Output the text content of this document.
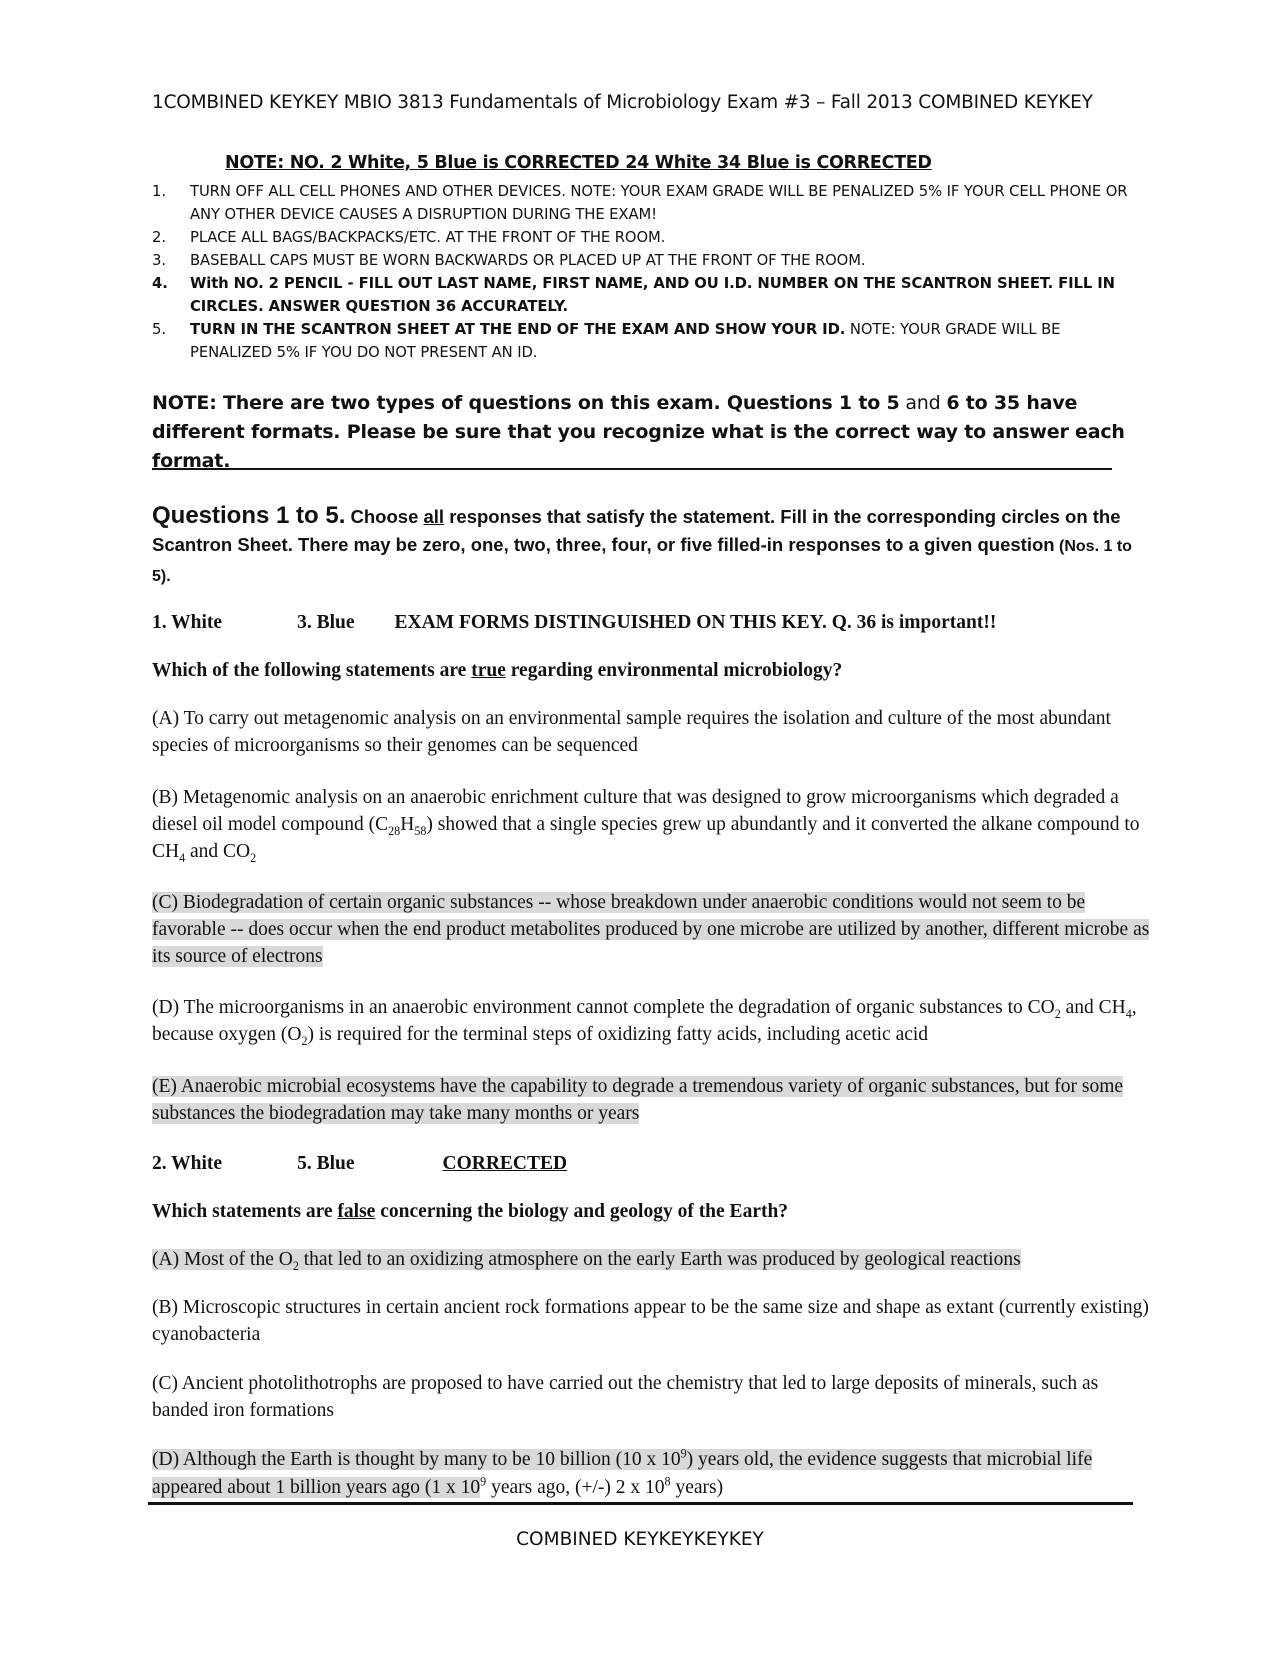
1COMBINED KEYKEY MBIO 3813 Fundamentals of Microbiology Exam #3 – Fall 2013 COMBINED KEYKEY
NOTE: NO. 2 White, 5 Blue is CORRECTED 24 White 34 Blue is CORRECTED
1.	TURN OFF ALL CELL PHONES AND OTHER DEVICES. NOTE: YOUR EXAM GRADE WILL BE PENALIZED 5% IF YOUR CELL PHONE OR ANY OTHER DEVICE CAUSES A DISRUPTION DURING THE EXAM!
2.	PLACE ALL BAGS/BACKPACKS/ETC. AT THE FRONT OF THE ROOM.
3.	BASEBALL CAPS MUST BE WORN BACKWARDS OR PLACED UP AT THE FRONT OF THE ROOM.
4.	With NO. 2 PENCIL - FILL OUT LAST NAME, FIRST NAME, AND OU I.D. NUMBER ON THE SCANTRON SHEET. FILL IN CIRCLES. ANSWER QUESTION 36 ACCURATELY.
5.	TURN IN THE SCANTRON SHEET AT THE END OF THE EXAM AND SHOW YOUR ID. NOTE: YOUR GRADE WILL BE PENALIZED 5% IF YOU DO NOT PRESENT AN ID.
NOTE: There are two types of questions on this exam. Questions 1 to 5 and 6 to 35 have different formats. Please be sure that you recognize what is the correct way to answer each format.
Questions 1 to 5. Choose all responses that satisfy the statement. Fill in the corresponding circles on the Scantron Sheet. There may be zero, one, two, three, four, or five filled-in responses to a given question (Nos. 1 to 5).
1. White	3. Blue EXAM FORMS DISTINGUISHED ON THIS KEY. Q. 36 is important!!
Which of the following statements are true regarding environmental microbiology?
(A) To carry out metagenomic analysis on an environmental sample requires the isolation and culture of the most abundant species of microorganisms so their genomes can be sequenced
(B) Metagenomic analysis on an anaerobic enrichment culture that was designed to grow microorganisms which degraded a diesel oil model compound $(C_{28}H_{58})$ showed that a single species grew up abundantly and it converted the alkane compound to $CH_4$ and $CO_2$
(C) Biodegradation of certain organic substances -- whose breakdown under anaerobic conditions would not seem to be favorable -- does occur when the end product metabolites produced by one microbe are utilized by another, different microbe as its source of electrons
(D) The microorganisms in an anaerobic environment cannot complete the degradation of organic substances to $CO_2$ and $CH_4$, because oxygen $(O_2)$ is required for the terminal steps of oxidizing fatty acids, including acetic acid
(E) Anaerobic microbial ecosystems have the capability to degrade a tremendous variety of organic substances, but for some substances the biodegradation may take many months or years
2. White	5. Blue	CORRECTED
Which statements are false concerning the biology and geology of the Earth?
(A) Most of the $O_2$ that led to an oxidizing atmosphere on the early Earth was produced by geological reactions
(B) Microscopic structures in certain ancient rock formations appear to be the same size and shape as extant (currently existing) cyanobacteria
(C) Ancient photolithotrophs are proposed to have carried out the chemistry that led to large deposits of minerals, such as banded iron formations
(D) Although the Earth is thought by many to be 10 billion (10 x $10^9$) years old, the evidence suggests that microbial life appeared about 1 billion years ago (1 x $10^9$ years ago, (+/-) 2 x $10^8$ years)
COMBINED KEYKEYKEYKEY
